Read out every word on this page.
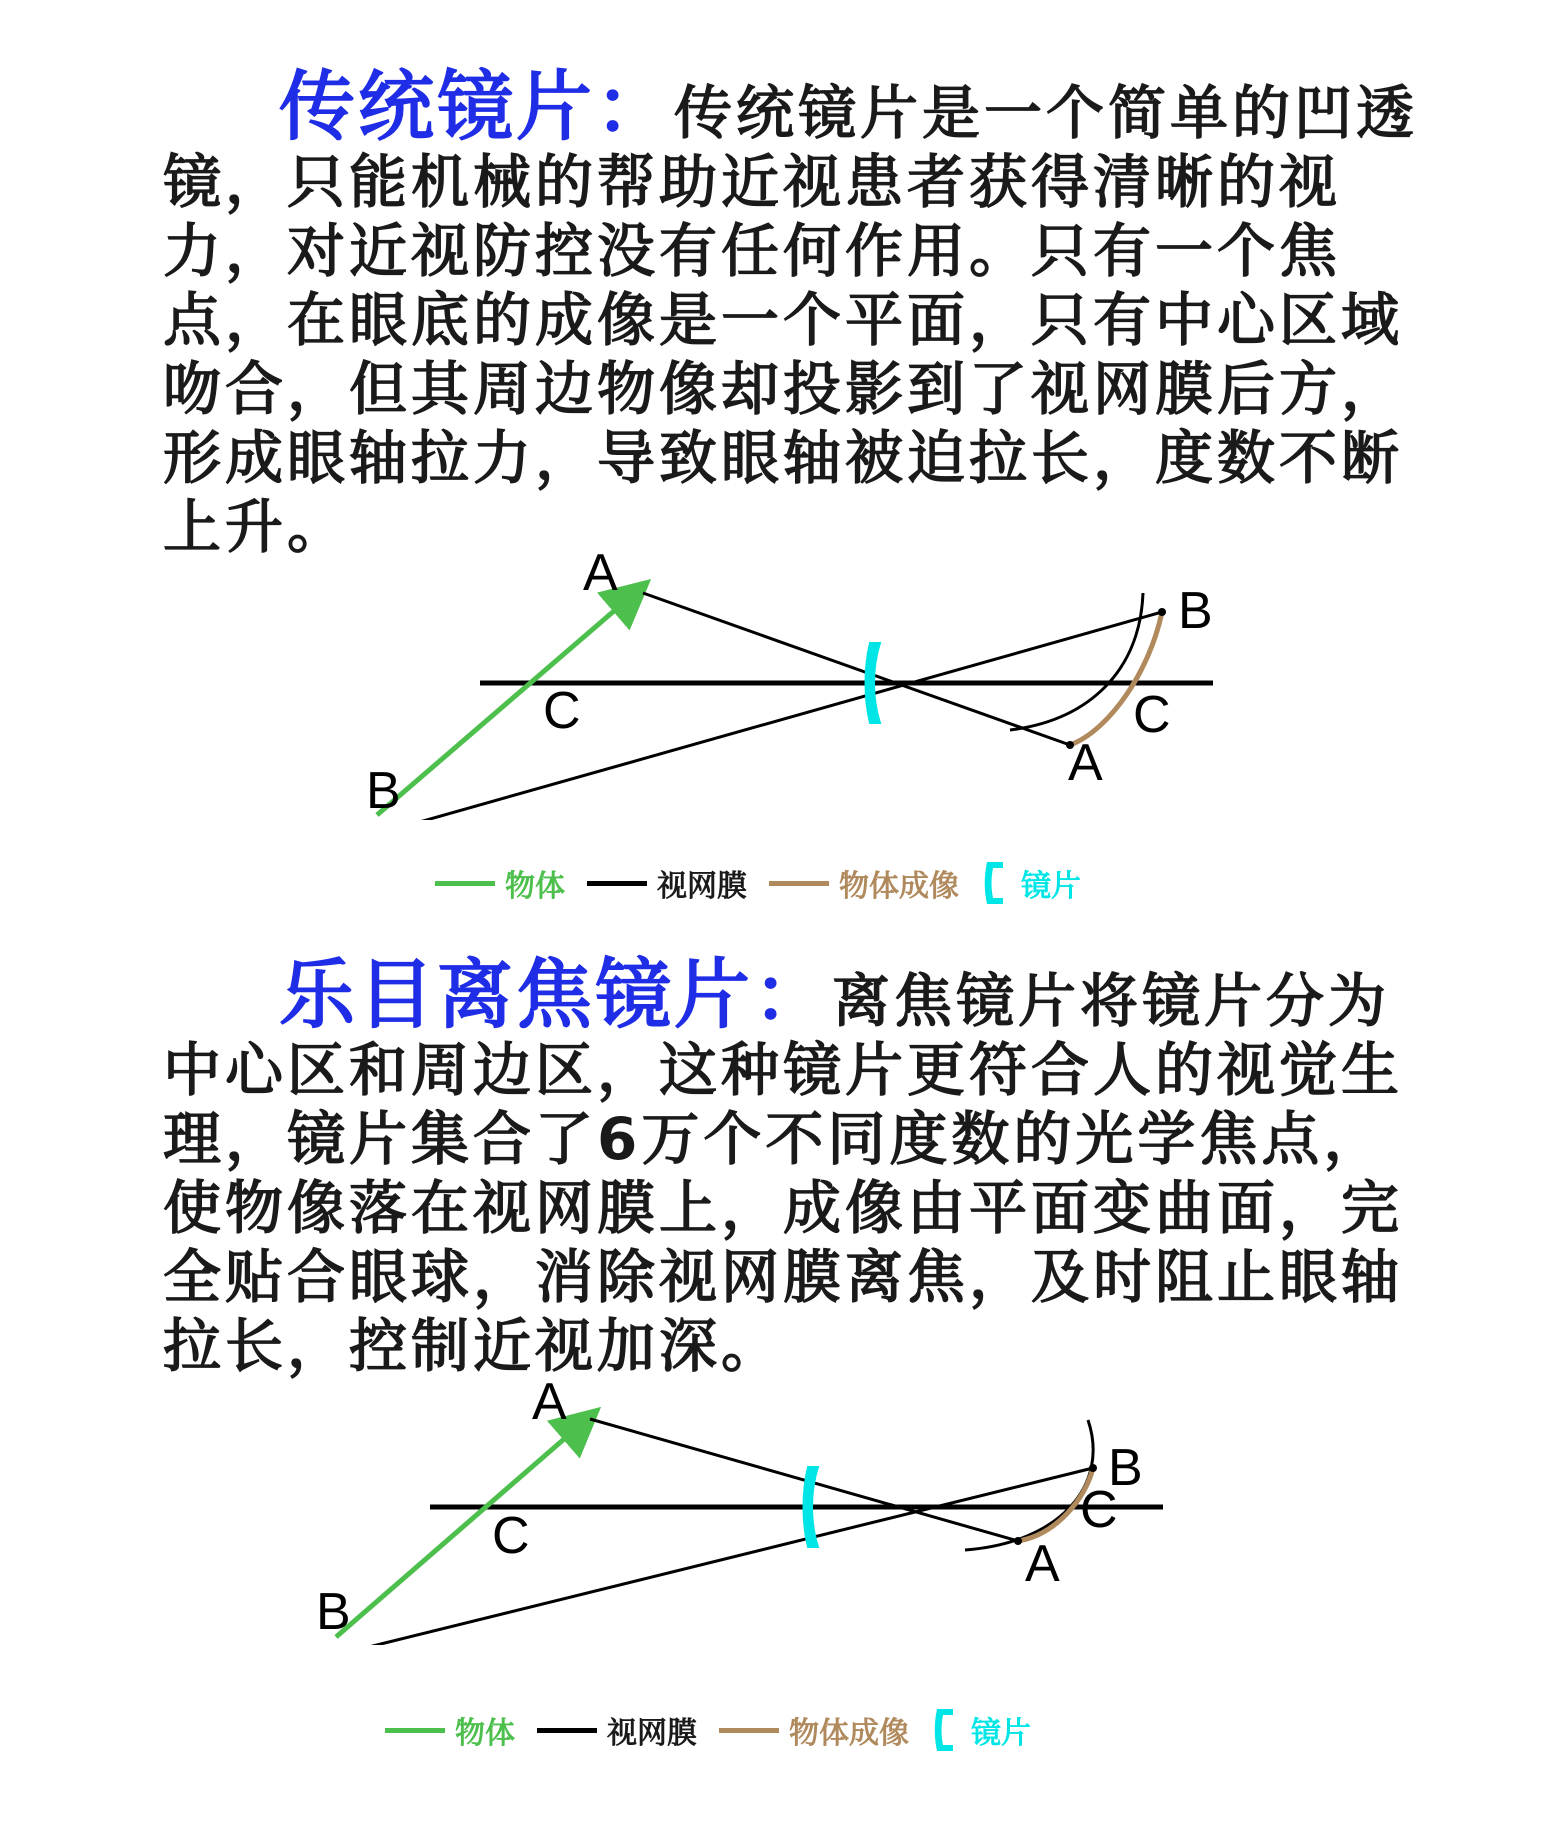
传统镜片：传统镜片是一个简单的凹透镜，只能机械的帮助近视患者获得清晰的视力，对近视防控没有任何作用。只有一个焦点，在眼底的成像是一个平面，只有中心区域吻合，但其周边物像却投影到了视网膜后方，形成眼轴拉力，导致眼轴被迫拉长，度数不断上升。

A
B
C
B
C
A
物体	视网膜	物体成像 镜片

乐目离焦镜片：离焦镜片将镜片分为中心区和周边区，这种镜片更符合人的视觉生理，镜片集合了6万个不同度数的光学焦点，使物像落在视网膜上，成像由平面变曲面，完全贴合眼球，消除视网膜离焦，及时阻止眼轴拉长，控制近视加深。

A
B
C
B
C
A
物体	视网膜	物体成像 镜片
